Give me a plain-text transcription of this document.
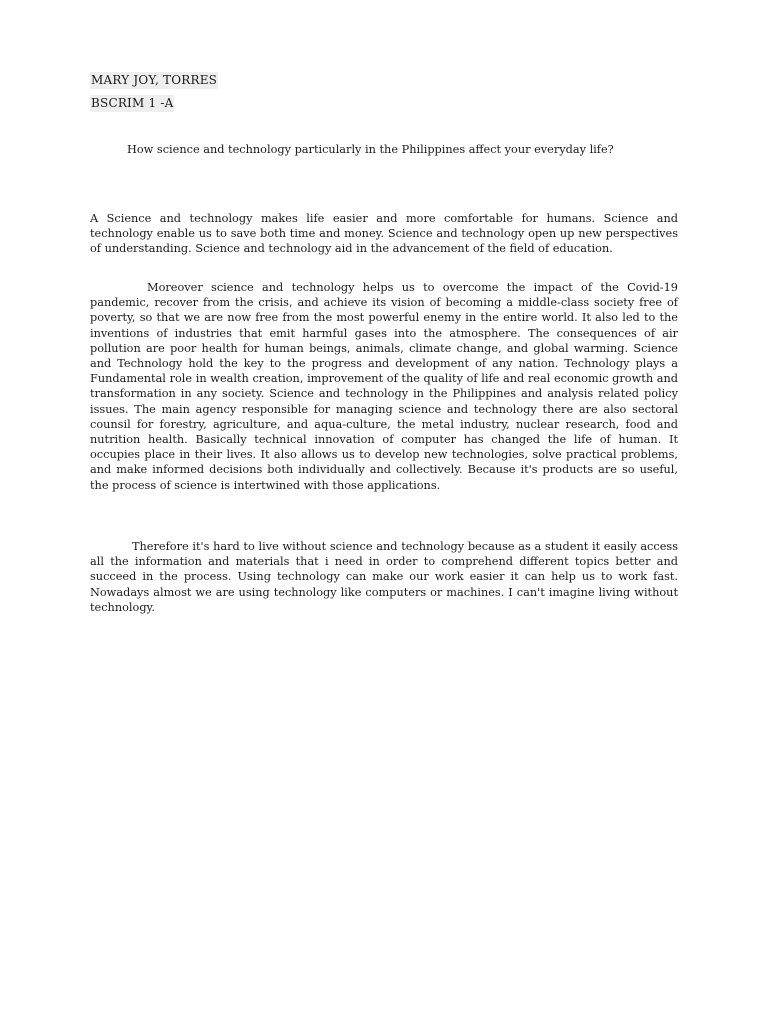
MARY JOY, TORRES
BSCRIM 1 -A
How science and technology particularly in the Philippines affect your everyday life?

A Science and technology makes life easier and more comfortable for humans. Science and technology enable us to save both time and money. Science and technology open up new perspectives of understanding. Science and technology aid in the advancement of the field of education.

Moreover science and technology helps us to overcome the impact of the Covid-19 pandemic, recover from the crisis, and achieve its vision of becoming a middle-class society free of poverty, so that we are now free from the most powerful enemy in the entire world. It also led to the inventions of industries that emit harmful gases into the atmosphere. The consequences of air pollution are poor health for human beings, animals, climate change, and global warming. Science and Technology hold the key to the progress and development of any nation. Technology plays a Fundamental role in wealth creation, improvement of the quality of life and real economic growth and transformation in any society. Science and technology in the Philippines and analysis related policy issues. The main agency responsible for managing science and technology there are also sectoral counsil for forestry, agriculture, and aqua-culture, the metal industry, nuclear research, food and nutrition health. Basically technical innovation of computer has changed the life of human. It occupies place in their lives. It also allows us to develop new technologies, solve practical problems, and make informed decisions both individually and collectively. Because it's products are so useful, the process of science is intertwined with those applications.

Therefore it's hard to live without science and technology because as a student it easily access all the information and materials that i need in order to comprehend different topics better and succeed in the process. Using technology can make our work easier it can help us to work fast. Nowadays almost we are using technology like computers or machines. I can't imagine living without technology.
